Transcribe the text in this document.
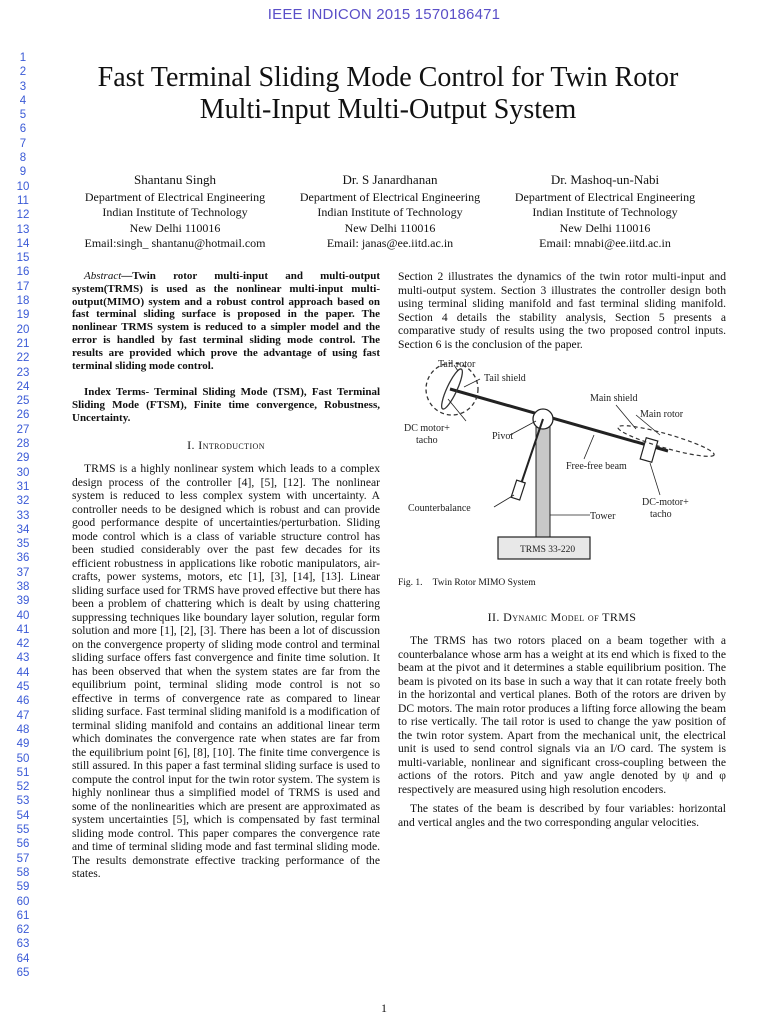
IEEE INDICON 2015 1570186471
1
2
3
4
5
6
7
8
9
10
11
12
13
14
15
16
17
18
19
20
21
22
23
24
25
26
27
28
29
30
31
32
33
34
35
36
37
38
39
40
41
42
43
44
45
46
47
48
49
50
51
52
53
54
55
56
57
58
59
60
61
62
63
64
65
Fast Terminal Sliding Mode Control for Twin Rotor
Multi-Input Multi-Output System
Shantanu Singh
Department of Electrical Engineering
Indian Institute of Technology
New Delhi 110016
Email:singh_ shantanu@hotmail.com
Dr. S Janardhanan
Department of Electrical Engineering
Indian Institute of Technology
New Delhi 110016
Email: janas@ee.iitd.ac.in
Dr. Mashoq-un-Nabi
Department of Electrical Engineering
Indian Institute of Technology
New Delhi 110016
Email: mnabi@ee.iitd.ac.in

Abstract—Twin rotor multi-input and multi-output system(TRMS) is used as the nonlinear multi-input multi-output(MIMO) system and a robust control approach based on fast terminal sliding surface is proposed in the paper. The nonlinear TRMS system is reduced to a simpler model and the error is handled by fast terminal sliding mode control. The results are provided which prove the advantage of using fast terminal sliding mode control.

Index Terms- Terminal Sliding Mode (TSM), Fast Terminal Sliding Mode (FTSM), Finite time convergence, Robustness, Uncertainty.

I. Introduction

TRMS is a highly nonlinear system which leads to a complex design process of the controller [4], [5], [12]. The nonlinear system is reduced to less complex system with uncertainty. A controller needs to be designed which is robust and can provide good performance despite of uncertainties/perturbation. Sliding mode control which is a class of variable structure control has been studied considerably over the past few decades for its efficient robustness in applications like robotic manipulators, air-crafts, power systems, motors, etc [1], [3], [14], [13]. Linear sliding surface used for TRMS have proved effective but there has been a problem of chattering which is dealt by using chattering suppressing techniques like boundary layer solution, regular form solution and more [1], [2], [3]. There has been a lot of discussion on the convergence property of sliding mode control and terminal sliding surface offers fast convergence and finite time solution. It has been observed that when the system states are far from the equilibrium point, terminal sliding mode control is not so effective in terms of convergence rate as compared to linear sliding surface. Fast terminal sliding manifold is a modification of terminal sliding manifold and contains an additional linear term which dominates the convergence rate when states are far from the equilibrium point [6], [8], [10]. The finite time convergence is still assured. In this paper a fast terminal sliding surface is used to compute the control input for the twin rotor system. The system is highly nonlinear thus a simplified model of TRMS is used and some of the nonlinearities which are present are approximated as system uncertainties [5], which is compensated by fast terminal sliding mode control. This paper compares the convergence rate and time of terminal sliding mode and fast terminal sliding mode. The results demonstrate effective tracking performance of the states.

Section 2 illustrates the dynamics of the twin rotor multi-input and multi-output system. Section 3 illustrates the controller design both using terminal sliding manifold and fast terminal sliding manifold. Section 4 details the stability analysis, Section 5 presents a comparative study of results using the two proposed control inputs. Section 6 is the conclusion of the paper.

Tail rotor
Tail shield
Main shield
Main rotor
DC motor+
tacho	Pivot
Free-free beam
Counterbalance
Tower
DC-motor+
tacho
TRMS 33-220
Fig. 1. Twin Rotor MIMO System
II. Dynamic Model of TRMS

The TRMS has two rotors placed on a beam together with a counterbalance whose arm has a weight at its end which is fixed to the beam at the pivot and it determines a stable equilibrium position. The beam is pivoted on its base in such a way that it can rotate freely both in the horizontal and vertical planes. Both of the rotors are driven by DC motors. The main rotor produces a lifting force allowing the beam to rise vertically. The tail rotor is used to change the yaw position of the twin rotor system. Apart from the mechanical unit, the electrical unit is used to send control signals via an I/O card. The system is multi-variable, nonlinear and significant cross-coupling between the actions of the rotors. Pitch and yaw angle denoted by ψ and φ respectively are measured using high resolution encoders.

The states of the beam is described by four variables: horizontal and vertical angles and the two corresponding angular velocities.

1
